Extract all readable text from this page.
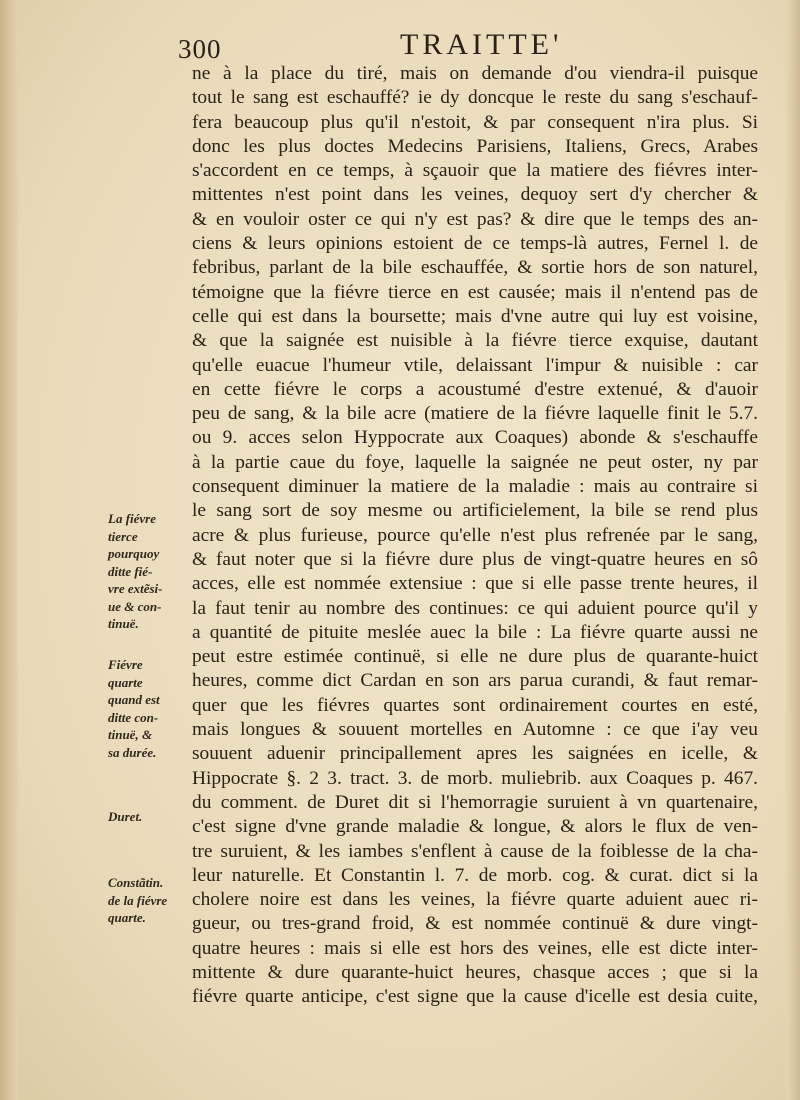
300	TRAITTE'
ne à la place du tiré, mais on demande d'ou viendra-il puisque
tout le sang est eschauffé? ie dy doncque le reste du sang s'eschauf-
fera beaucoup plus qu'il n'estoit, & par consequent n'ira plus. Si
donc les plus doctes Medecins Parisiens, Italiens, Grecs, Arabes
s'accordent en ce temps, à sçauoir que la matiere des fiévres inter-
mittentes n'est point dans les veines, dequoy sert d'y chercher &
& en vouloir oster ce qui n'y est pas? & dire que le temps des an-
ciens & leurs opinions estoient de ce temps-là autres, Fernel l. de
febribus, parlant de la bile eschauffée, & sortie hors de son naturel,
témoigne que la fiévre tierce en est causée; mais il n'entend pas de
celle qui est dans la boursette; mais d'vne autre qui luy est voisine,
& que la saignée est nuisible à la fiévre tierce exquise, dautant
qu'elle euacue l'humeur vtile, delaissant l'impur & nuisible : car
en cette fiévre le corps a acoustumé d'estre extenué, & d'auoir
peu de sang, & la bile acre (matiere de la fiévre laquelle finit le 5.7.
ou 9. acces selon Hyppocrate aux Coaques) abonde & s'eschauffe
à la partie caue du foye, laquelle la saignée ne peut oster, ny par
consequent diminuer la matiere de la maladie : mais au contraire si
le sang sort de soy mesme ou artificielement, la bile se rend plus
acre & plus furieuse, pource qu'elle n'est plus refrenée par le sang,
& faut noter que si la fiévre dure plus de vingt-quatre heures en sô
acces, elle est nommée extensiue : que si elle passe trente heures, il
la faut tenir au nombre des continues: ce qui aduient pource qu'il y
a quantité de pituite meslée auec la bile : La fiévre quarte aussi ne
peut estre estimée continuë, si elle ne dure plus de quarante-huict
heures, comme dict Cardan en son ars parua curandi, & faut remar-
quer que les fiévres quartes sont ordinairement courtes en esté,
mais longues & souuent mortelles en Automne : ce que i'ay veu
souuent aduenir principallement apres les saignées en icelle, &
Hippocrate §. 2 3. tract. 3. de morb. muliebrib. aux Coaques p. 467.
du comment. de Duret dit si l'hemorragie suruient à vn quartenaire,
c'est signe d'vne grande maladie & longue, & alors le flux de ven-
tre suruient, & les iambes s'enflent à cause de la foiblesse de la cha-
leur naturelle. Et Constantin l. 7. de morb. cog. & curat. dict si la
cholere noire est dans les veines, la fiévre quarte aduient auec ri-
gueur, ou tres-grand froid, & est nommée continuë & dure vingt-
quatre heures : mais si elle est hors des veines, elle est dicte inter-
mittente & dure quarante-huict heures, chasque acces ; que si la
fiévre quarte anticipe, c'est signe que la cause d'icelle est desia cuite,
La fiévre
tierce
pourquoy
ditte fié-
vre extẽsi-
ue & con-
tinuë.
Fiévre
quarte
quand est
ditte con-
tinuë, &
sa durée.
Duret.
Constãtin.
de la fiévre
quarte.
